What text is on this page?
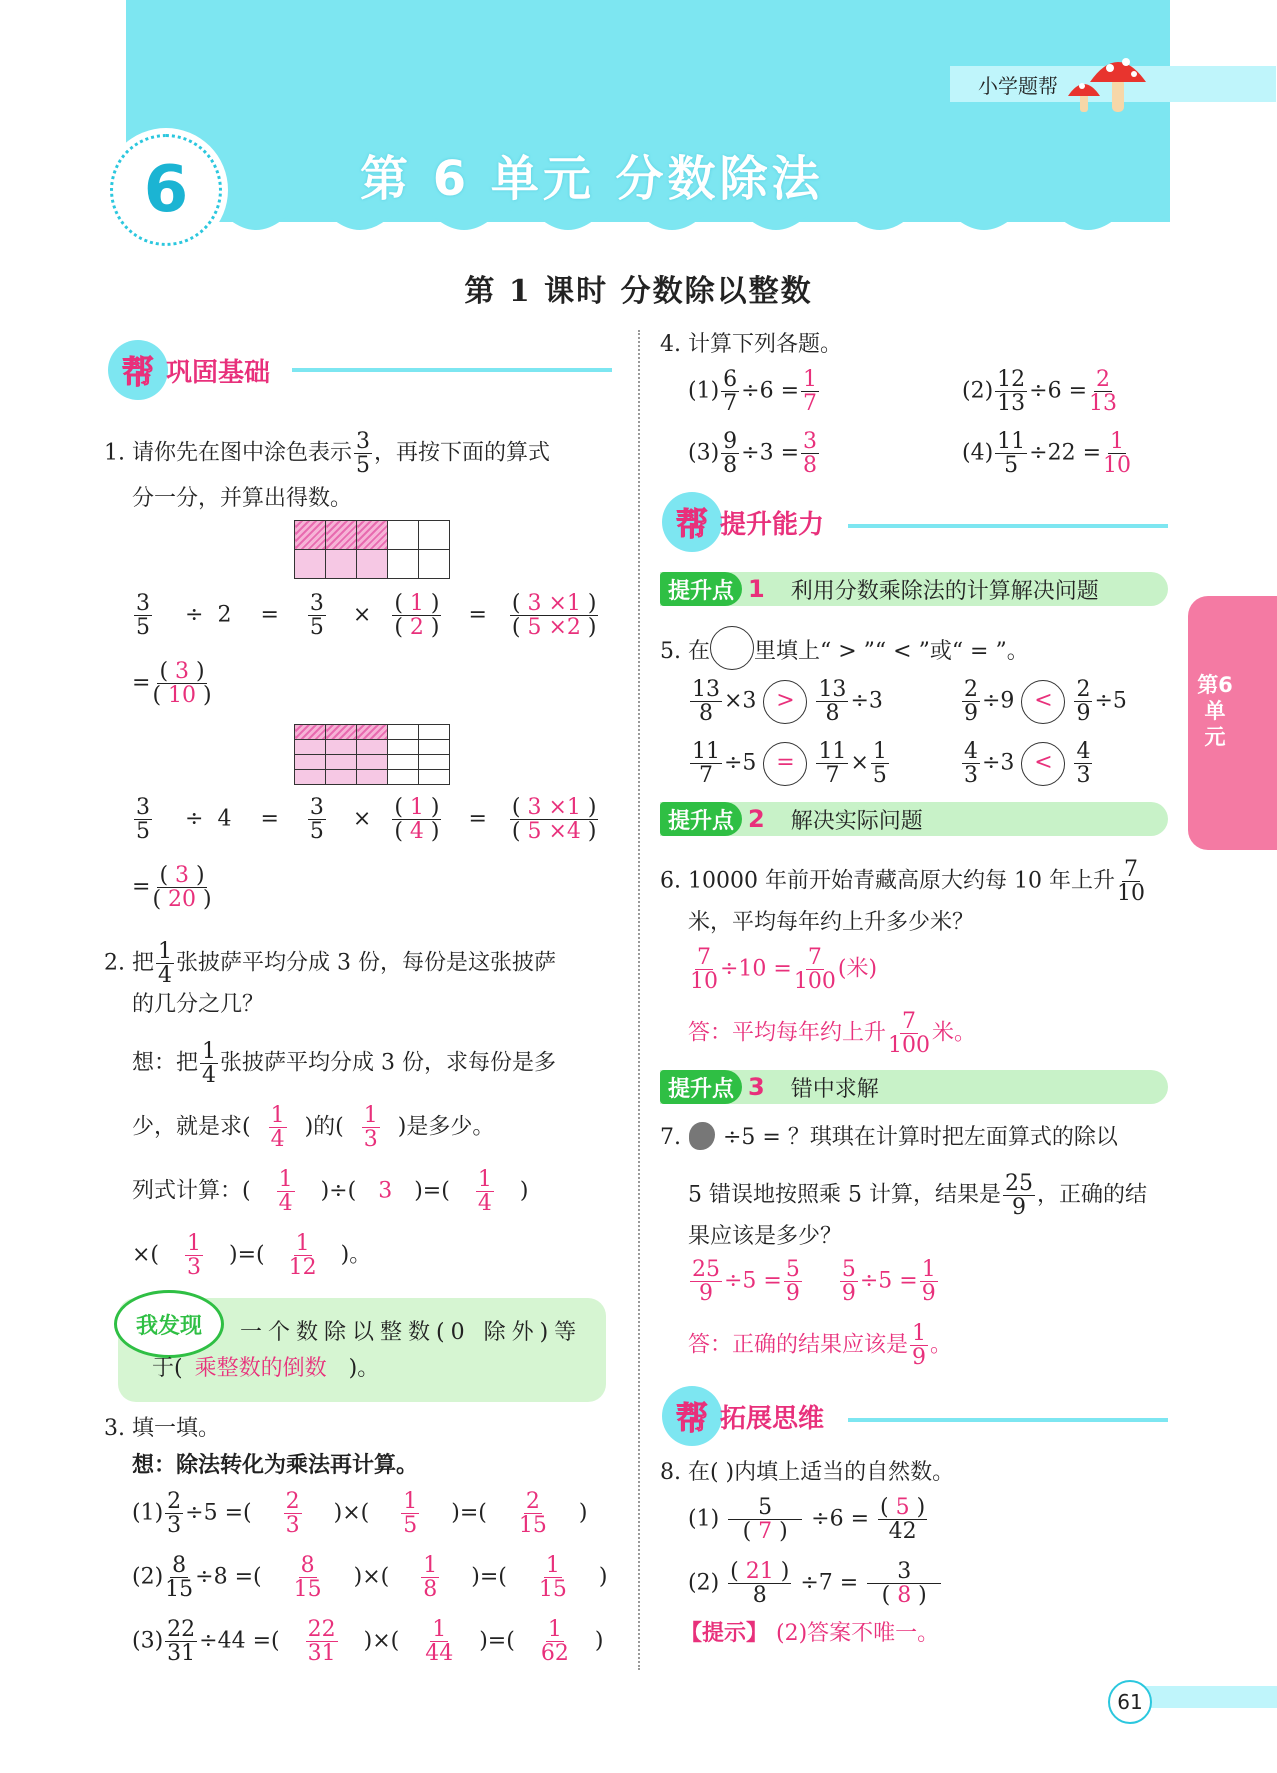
小学题帮
6	第 6 单元 分数除法
第 1 课时 分数除以整数
第6单元
帮 巩固基础
1. 请你先在图中涂色表示 $\frac{3}{5}$ ，再按下面的算式
分一分，并算出得数。

$\frac{3}{5} \div 2 = \frac{3}{5} \times \frac{( 1 )}{( 2 )} = \frac{( 3 \times 1 )}{( 5 \times 2 )}$
= $\frac{( 3 )}{( 10 )}$

$\frac{3}{5} \div 4 = \frac{3}{5} \times \frac{( 1 )}{( 4 )} = \frac{( 3 \times 1 )}{( 5 \times 4 )}$
= $\frac{( 3 )}{( 20 )}$
2. 把 $\frac{1}{4}$ 张披萨平均分成 3 份，每份是这张披萨
的几分之几？
想：把 $\frac{1}{4}$ 张披萨平均分成 3 份，求每份是多
少，就是求( $\frac{1}{4}$ )的( $\frac{1}{3}$ )是多少。
列式计算：( $\frac{1}{4}$ )÷( 3 )=( $\frac{1}{4}$ )
×( $\frac{1}{3}$ )=( $\frac{1}{12}$ )。
我发现	一个数除以整数(0 除外)等
于( 乘整数的倒数 )。
3. 填一填。
想：除法转化为乘法再计算。
$(1) \frac{2}{3} \div 5$ =( $\frac{2}{3}$ )×( $\frac{1}{5}$ )=( $\frac{2}{15}$ )
$(2) \frac{8}{15} \div 8$ =( $\frac{8}{15}$ )×( $\frac{1}{8}$ )=( $\frac{1}{15}$ )
$(3) \frac{22}{31} \div 44$ =( $\frac{22}{31}$ )×( $\frac{1}{44}$ )=( $\frac{1}{62}$ )
4. 计算下列各题。
$(1) \frac{6}{7} \div 6 = \frac{1}{7}$	$(2) \frac{12}{13} \div 6 = \frac{2}{13}$
$(3) \frac{9}{8} \div 3 = \frac{3}{8}$	$(4) \frac{11}{5} \div 22 = \frac{1}{10}$
帮 提升能力
提升点 1 利用分数乘除法的计算解决问题
5. 在 里填上“ > ”“ < ”或“ = ”。
$\frac{13}{8} \times 3 > \frac{13}{8} \div 3$	$\frac{2}{9} \div 9 < \frac{2}{9} \div 5$
$\frac{11}{7} \div 5 = \frac{11}{7} \times \frac{1}{5}$	$\frac{4}{3} \div 3 < \frac{4}{3}$
提升点 2 解决实际问题
6. 10000 年前开始青藏高原大约每 10 年上升 $\frac{7}{10}$
米，平均每年约上升多少米？
$\frac{7}{10} \div 10 = \frac{7}{100}$ (米)
答：平均每年约上升 $\frac{7}{100}$ 米。
提升点 3 错中求解
7. ÷5 = ？琪琪在计算时把左面算式的除以
5 错误地按照乘 5 计算，结果是 $\frac{25}{9}$ ，正确的结
果应该是多少？
$\frac{25}{9} \div 5 = \frac{5}{9}$
$\frac{5}{9} \div 5 = \frac{1}{9}$
答：正确的结果应该是 $\frac{1}{9}$ 。
帮 拓展思维
8. 在( )内填上适当的自然数。
$(1) \frac{5}{( 7 )} \div 6 = \frac{( 5 )}{42}$
$(2) \frac{( 21 )}{8} \div 7 = \frac{3}{( 8 )}$
【提示】 (2)答案不唯一。
61
